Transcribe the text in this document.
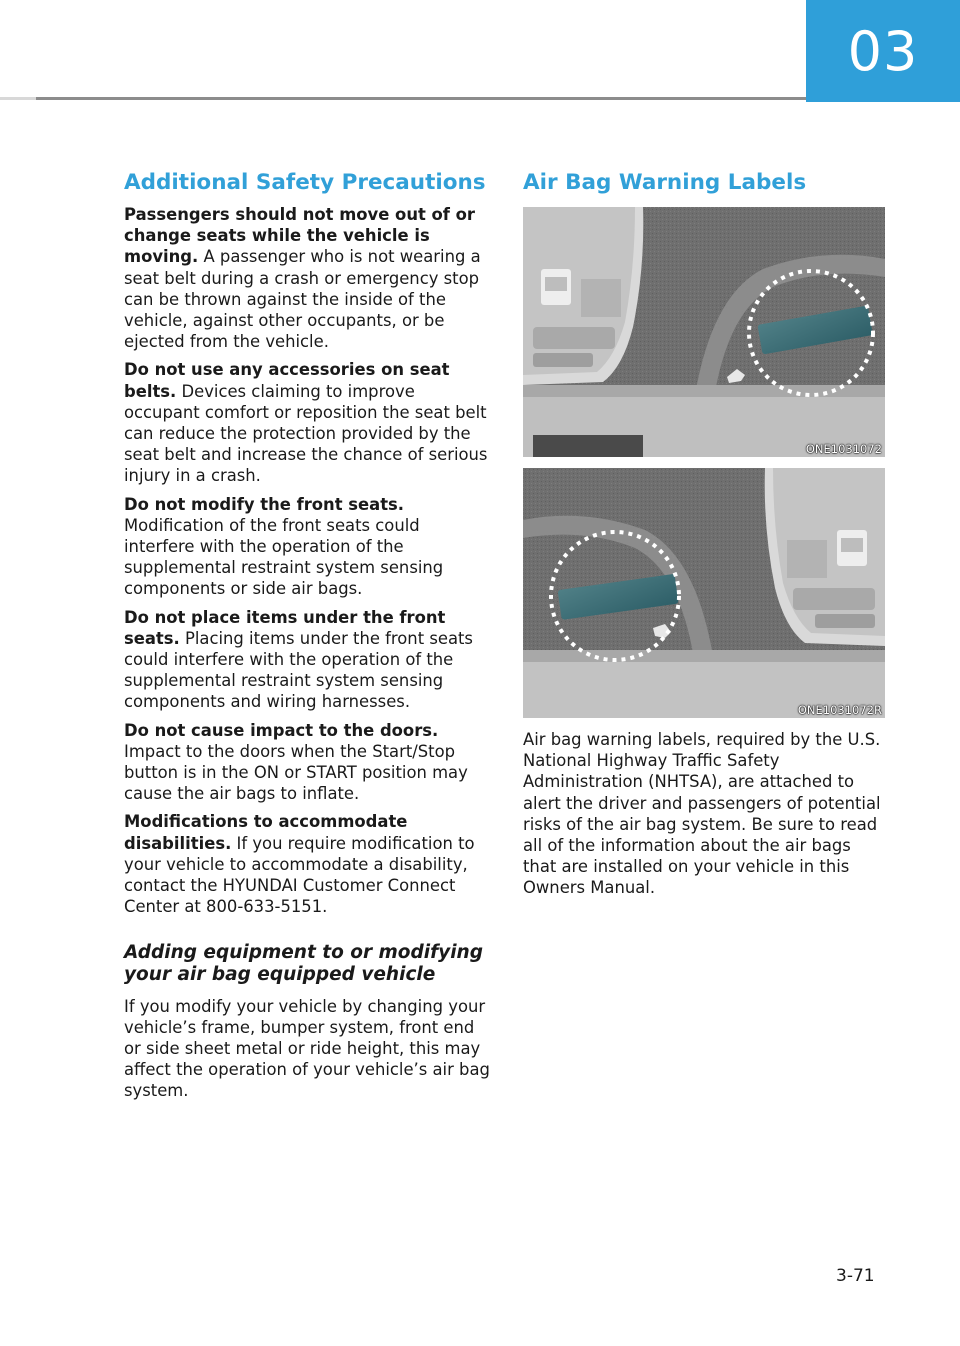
03
Additional Safety Precautions

Passengers should not move out of or change seats while the vehicle is moving. A passenger who is not wearing a seat belt during a crash or emergency stop can be thrown against the inside of the vehicle, against other occupants, or be ejected from the vehicle.

Do not use any accessories on seat belts. Devices claiming to improve occupant comfort or reposition the seat belt can reduce the protection provided by the seat belt and increase the chance of serious injury in a crash.

Do not modify the front seats. Modification of the front seats could interfere with the operation of the supplemental restraint system sensing components or side air bags.

Do not place items under the front seats. Placing items under the front seats could interfere with the operation of the supplemental restraint system sensing components and wiring harnesses.

Do not cause impact to the doors. Impact to the doors when the Start/Stop button is in the ON or START position may cause the air bags to inflate.

Modifications to accommodate disabilities. If you require modification to your vehicle to accommodate a disability, contact the HYUNDAI Customer Connect Center at 800-633-5151.

Adding equipment to or modifying your air bag equipped vehicle

If you modify your vehicle by changing your vehicle’s frame, bumper system, front end or side sheet metal or ride height, this may affect the operation of your vehicle’s air bag system.

Air Bag Warning Labels
ONE1031072
ONE1031072R

Air bag warning labels, required by the U.S. National Highway Traffic Safety Administration (NHTSA), are attached to alert the driver and passengers of potential risks of the air bag system. Be sure to read all of the information about the air bags that are installed on your vehicle in this Owners Manual.

3-71
